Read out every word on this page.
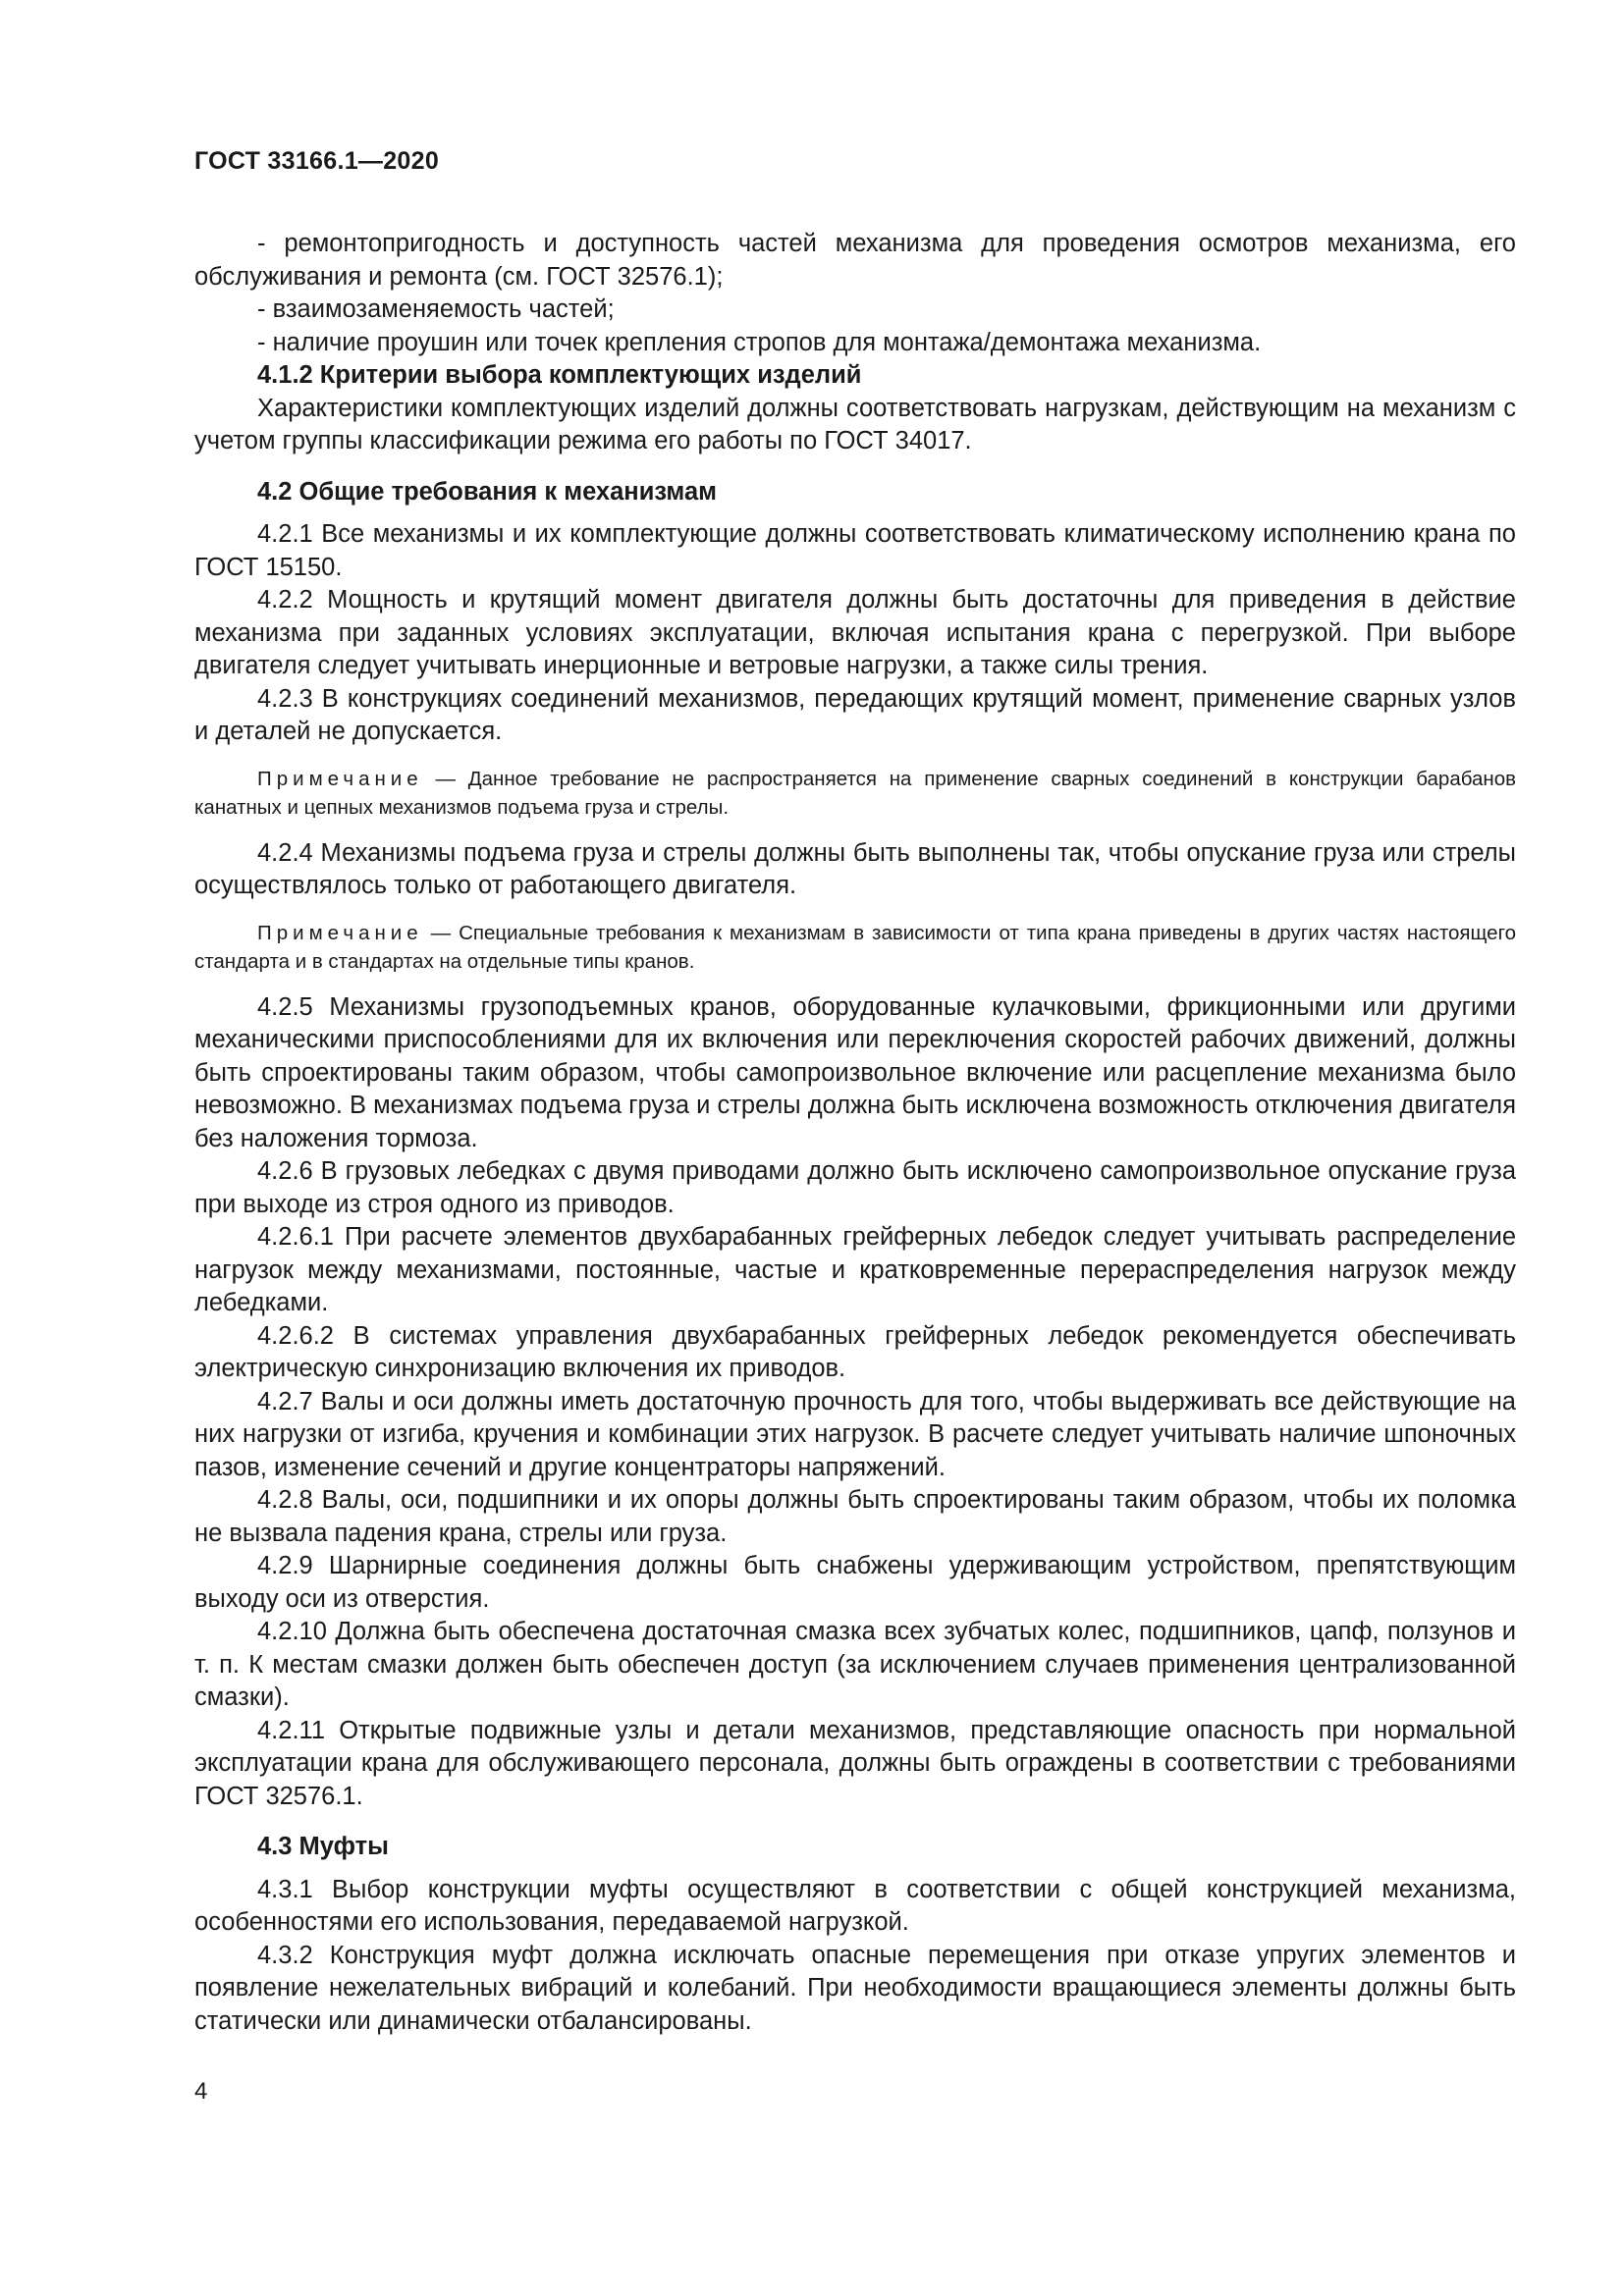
ГОСТ 33166.1—2020

- ремонтопригодность и доступность частей механизма для проведения осмотров механизма, его обслуживания и ремонта (см. ГОСТ 32576.1);

- взаимозаменяемость частей;

- наличие проушин или точек крепления стропов для монтажа/демонтажа механизма.

4.1.2 Критерии выбора комплектующих изделий

Характеристики комплектующих изделий должны соответствовать нагрузкам, действующим на механизм с учетом группы классификации режима его работы по ГОСТ 34017.

4.2 Общие требования к механизмам

4.2.1 Все механизмы и их комплектующие должны соответствовать климатическому исполнению крана по ГОСТ 15150.

4.2.2 Мощность и крутящий момент двигателя должны быть достаточны для приведения в действие механизма при заданных условиях эксплуатации, включая испытания крана с перегрузкой. При выборе двигателя следует учитывать инерционные и ветровые нагрузки, а также силы трения.

4.2.3 В конструкциях соединений механизмов, передающих крутящий момент, применение сварных узлов и деталей не допускается.

Примечание — Данное требование не распространяется на применение сварных соединений в конструкции барабанов канатных и цепных механизмов подъема груза и стрелы.

4.2.4 Механизмы подъема груза и стрелы должны быть выполнены так, чтобы опускание груза или стрелы осуществлялось только от работающего двигателя.

Примечание — Специальные требования к механизмам в зависимости от типа крана приведены в других частях настоящего стандарта и в стандартах на отдельные типы кранов.

4.2.5 Механизмы грузоподъемных кранов, оборудованные кулачковыми, фрикционными или другими механическими приспособлениями для их включения или переключения скоростей рабочих движений, должны быть спроектированы таким образом, чтобы самопроизвольное включение или расцепление механизма было невозможно. В механизмах подъема груза и стрелы должна быть исключена возможность отключения двигателя без наложения тормоза.

4.2.6 В грузовых лебедках с двумя приводами должно быть исключено самопроизвольное опускание груза при выходе из строя одного из приводов.

4.2.6.1 При расчете элементов двухбарабанных грейферных лебедок следует учитывать распределение нагрузок между механизмами, постоянные, частые и кратковременные перераспределения нагрузок между лебедками.

4.2.6.2 В системах управления двухбарабанных грейферных лебедок рекомендуется обеспечивать электрическую синхронизацию включения их приводов.

4.2.7 Валы и оси должны иметь достаточную прочность для того, чтобы выдерживать все действующие на них нагрузки от изгиба, кручения и комбинации этих нагрузок. В расчете следует учитывать наличие шпоночных пазов, изменение сечений и другие концентраторы напряжений.

4.2.8 Валы, оси, подшипники и их опоры должны быть спроектированы таким образом, чтобы их поломка не вызвала падения крана, стрелы или груза.

4.2.9 Шарнирные соединения должны быть снабжены удерживающим устройством, препятствующим выходу оси из отверстия.

4.2.10 Должна быть обеспечена достаточная смазка всех зубчатых колес, подшипников, цапф, ползунов и т. п. К местам смазки должен быть обеспечен доступ (за исключением случаев применения централизованной смазки).

4.2.11 Открытые подвижные узлы и детали механизмов, представляющие опасность при нормальной эксплуатации крана для обслуживающего персонала, должны быть ограждены в соответствии с требованиями ГОСТ 32576.1.

4.3 Муфты

4.3.1 Выбор конструкции муфты осуществляют в соответствии с общей конструкцией механизма, особенностями его использования, передаваемой нагрузкой.

4.3.2 Конструкция муфт должна исключать опасные перемещения при отказе упругих элементов и появление нежелательных вибраций и колебаний. При необходимости вращающиеся элементы должны быть статически или динамически отбалансированы.

4
